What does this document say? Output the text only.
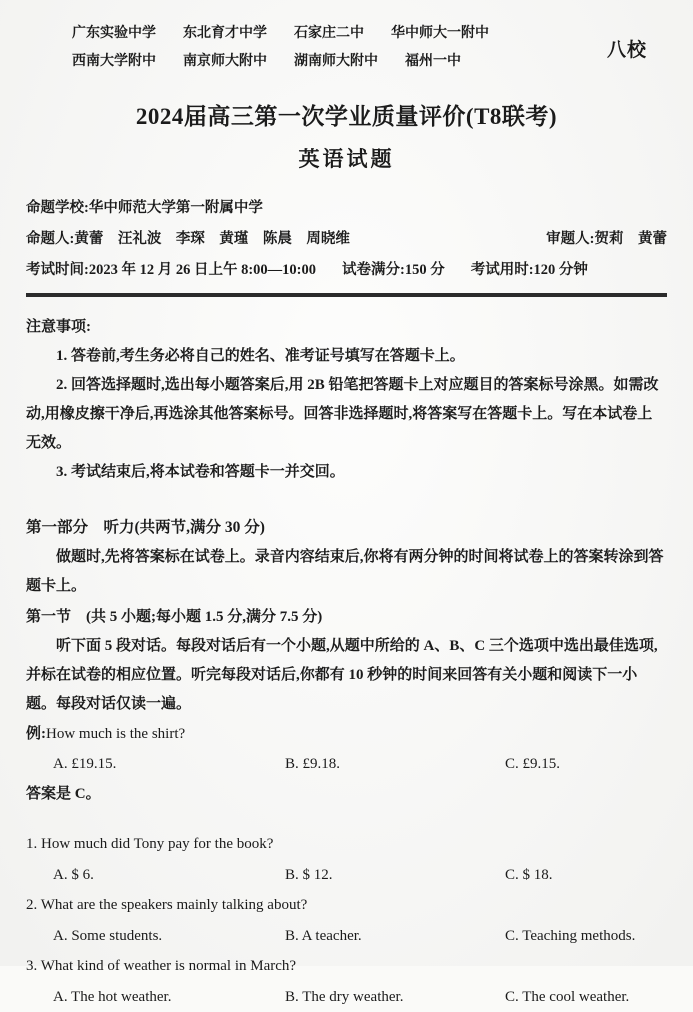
广东实验中学 东北育才中学 石家庄二中 华中师大一附中
西南大学附中 南京师大附中 湖南师大附中 福州一中
八校
2024届高三第一次学业质量评价(T8联考)
英语试题
命题学校:华中师范大学第一附属中学
命题人:黄蕾　汪礼波　李琛　黄瑾　陈晨　周晓维	审题人:贺莉　黄蕾
考试时间:2023 年 12 月 26 日上午 8:00—10:00 试卷满分:150 分 考试用时:120 分钟

注意事项:

1. 答卷前,考生务必将自己的姓名、准考证号填写在答题卡上。

2. 回答选择题时,选出每小题答案后,用 2B 铅笔把答题卡上对应题目的答案标号涂黑。如需改动,用橡皮擦干净后,再选涂其他答案标号。回答非选择题时,将答案写在答题卡上。写在本试卷上无效。

3. 考试结束后,将本试卷和答题卡一并交回。

第一部分　听力(共两节,满分 30 分)

做题时,先将答案标在试卷上。录音内容结束后,你将有两分钟的时间将试卷上的答案转涂到答题卡上。

第一节　(共 5 小题;每小题 1.5 分,满分 7.5 分)

听下面 5 段对话。每段对话后有一个小题,从题中所给的 A、B、C 三个选项中选出最佳选项,并标在试卷的相应位置。听完每段对话后,你都有 10 秒钟的时间来回答有关小题和阅读下一小题。每段对话仅读一遍。

例:How much is the shirt?

A. £19.15.	B. £9.18.	C. £9.15.

答案是 C。

1. How much did Tony pay for the book?

A. $ 6.	B. $ 12.	C. $ 18.

2. What are the speakers mainly talking about?

A. Some students.	B. A teacher.	C. Teaching methods.

3. What kind of weather is normal in March?

A. The hot weather.	B. The dry weather.	C. The cool weather.
